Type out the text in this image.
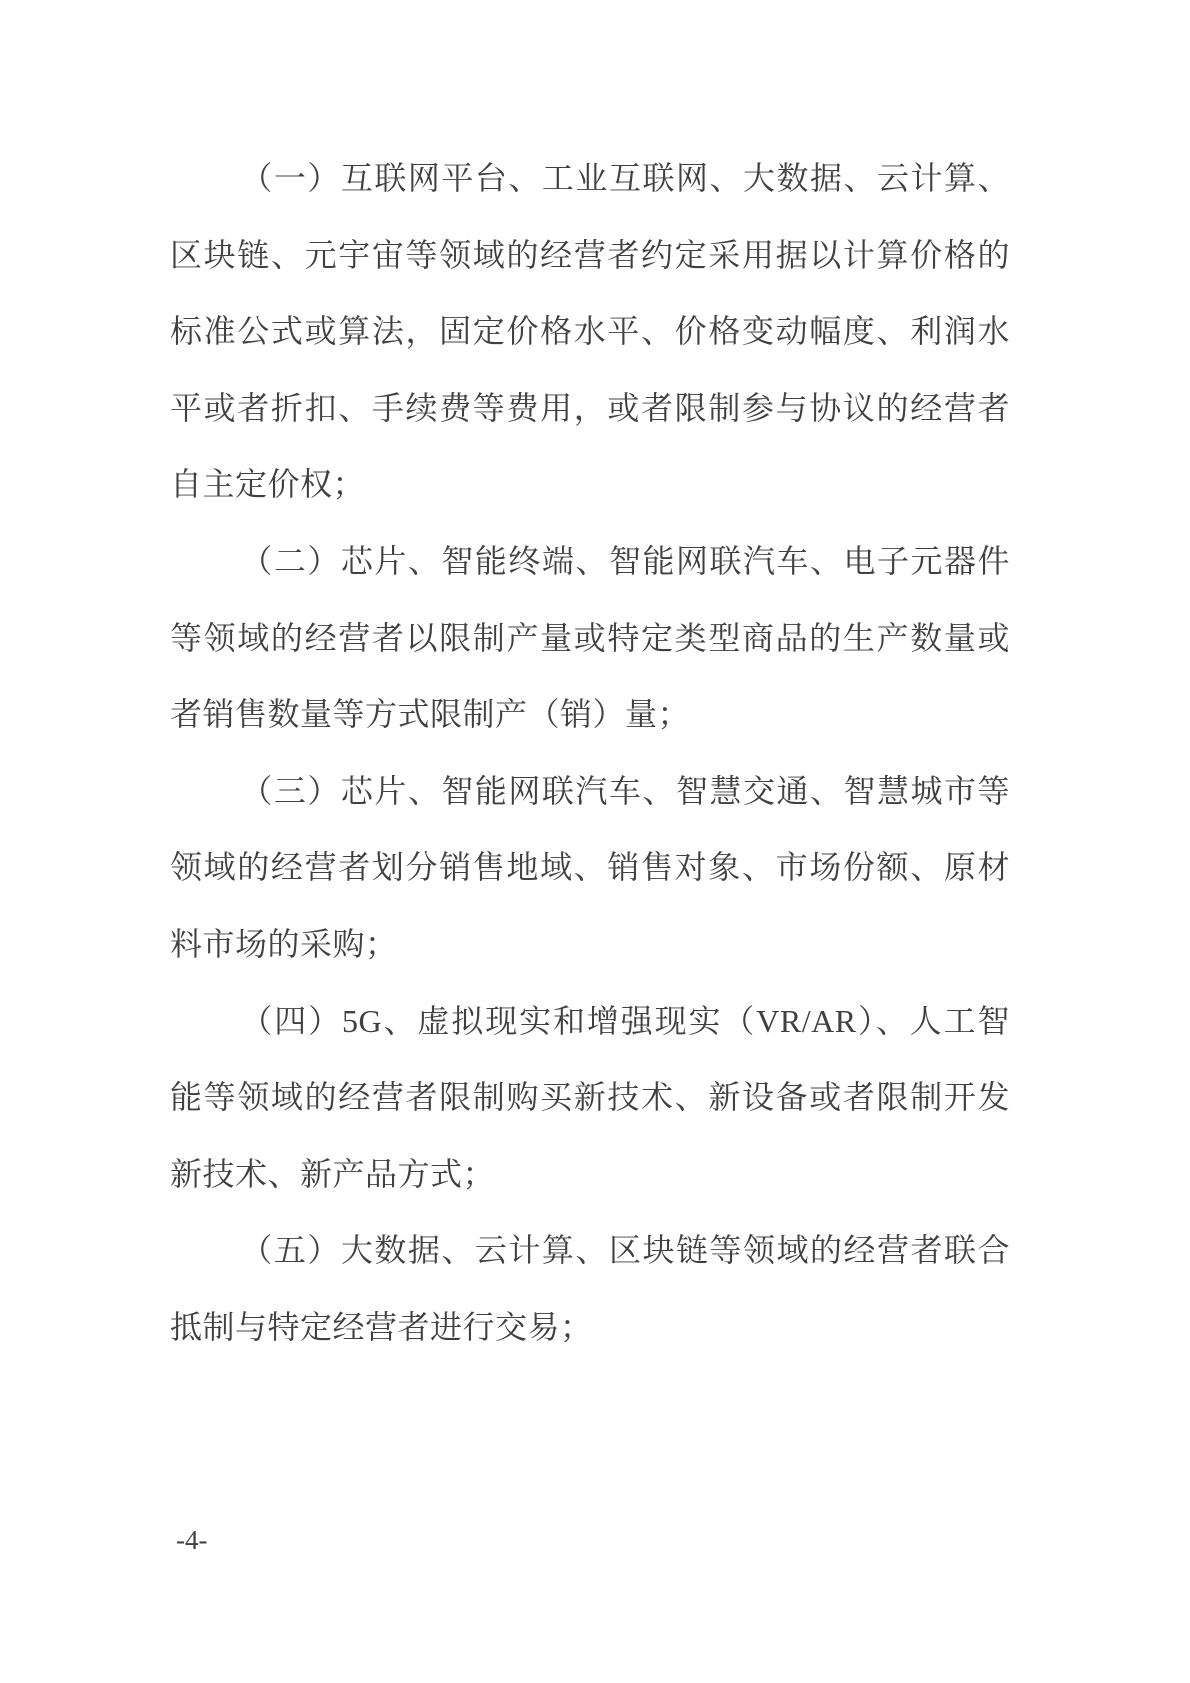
（一）互联网平台、工业互联网、大数据、云计算、区块链、元宇宙等领域的经营者约定采用据以计算价格的标准公式或算法，固定价格水平、价格变动幅度、利润水平或者折扣、手续费等费用，或者限制参与协议的经营者自主定价权；

（二）芯片、智能终端、智能网联汽车、电子元器件等领域的经营者以限制产量或特定类型商品的生产数量或者销售数量等方式限制产（销）量；

（三）芯片、智能网联汽车、智慧交通、智慧城市等领域的经营者划分销售地域、销售对象、市场份额、原材料市场的采购；

（四）5G、虚拟现实和增强现实（VR/AR）、人工智能等领域的经营者限制购买新技术、新设备或者限制开发新技术、新产品方式；

（五）大数据、云计算、区块链等领域的经营者联合抵制与特定经营者进行交易；

-4-
